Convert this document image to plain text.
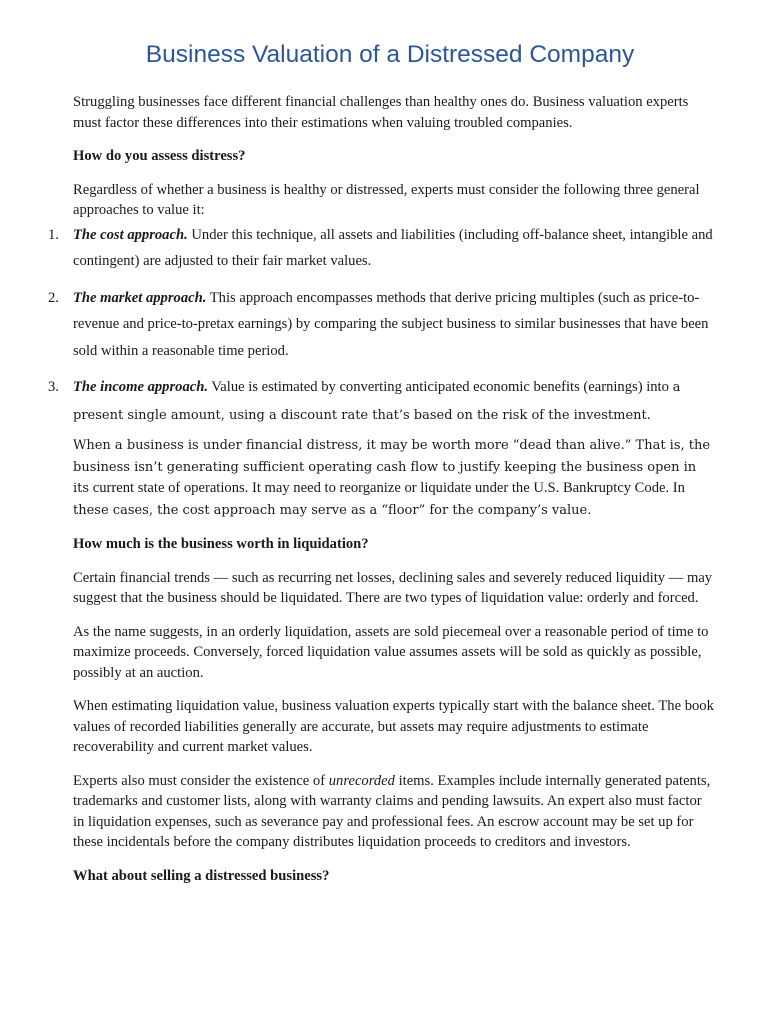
Business Valuation of a Distressed Company

Struggling businesses face different financial challenges than healthy ones do. Business valuation experts must factor these differences into their estimations when valuing troubled companies.

How do you assess distress?

Regardless of whether a business is healthy or distressed, experts must consider the following three general approaches to value it:

1. The cost approach. Under this technique, all assets and liabilities (including off-balance sheet, intangible and contingent) are adjusted to their fair market values.
2. The market approach. This approach encompasses methods that derive pricing multiples (such as price-to-revenue and price-to-pretax earnings) by comparing the subject business to similar businesses that have been sold within a reasonable time period.
3. The income approach. Value is estimated by converting anticipated economic benefits (earnings) into a present single amount, using a discount rate that’s based on the risk of the investment.

When a business is under financial distress, it may be worth more “dead than alive.” That is, the business isn’t generating sufficient operating cash flow to justify keeping the business open in its current state of operations. It may need to reorganize or liquidate under the U.S. Bankruptcy Code. In these cases, the cost approach may serve as a “floor” for the company’s value.

How much is the business worth in liquidation?

Certain financial trends — such as recurring net losses, declining sales and severely reduced liquidity — may suggest that the business should be liquidated. There are two types of liquidation value: orderly and forced.

As the name suggests, in an orderly liquidation, assets are sold piecemeal over a reasonable period of time to maximize proceeds. Conversely, forced liquidation value assumes assets will be sold as quickly as possible, possibly at an auction.

When estimating liquidation value, business valuation experts typically start with the balance sheet. The book values of recorded liabilities generally are accurate, but assets may require adjustments to estimate recoverability and current market values.

Experts also must consider the existence of unrecorded items. Examples include internally generated patents, trademarks and customer lists, along with warranty claims and pending lawsuits. An expert also must factor in liquidation expenses, such as severance pay and professional fees. An escrow account may be set up for these incidentals before the company distributes liquidation proceeds to creditors and investors.

What about selling a distressed business?
